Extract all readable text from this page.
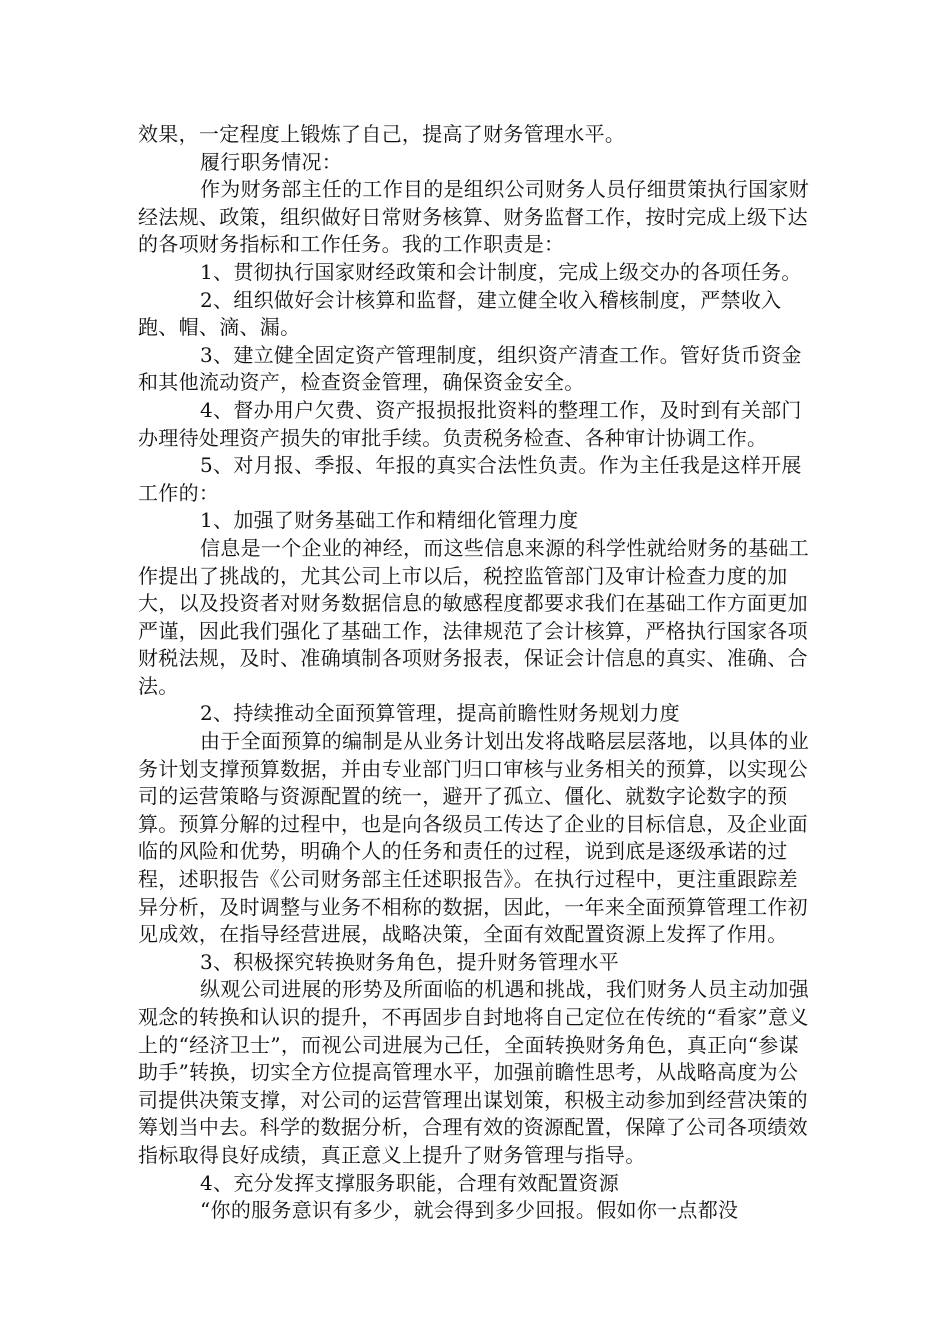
效果，一定程度上锻炼了自己，提高了财务管理水平。

履行职务情况：

作为财务部主任的工作目的是组织公司财务人员仔细贯策执行国家财经法规、政策，组织做好日常财务核算、财务监督工作，按时完成上级下达的各项财务指标和工作任务。我的工作职责是：

1、贯彻执行国家财经政策和会计制度，完成上级交办的各项任务。

2、组织做好会计核算和监督，建立健全收入稽核制度，严禁收入跑、帽、滴、漏。

3、建立健全固定资产管理制度，组织资产清查工作。管好货币资金和其他流动资产，检查资金管理，确保资金安全。

4、督办用户欠费、资产报损报批资料的整理工作，及时到有关部门办理待处理资产损失的审批手续。负责税务检查、各种审计协调工作。

5、对月报、季报、年报的真实合法性负责。作为主任我是这样开展工作的：

1、加强了财务基础工作和精细化管理力度

信息是一个企业的神经，而这些信息来源的科学性就给财务的基础工作提出了挑战的，尤其公司上市以后，税控监管部门及审计检查力度的加大，以及投资者对财务数据信息的敏感程度都要求我们在基础工作方面更加严谨，因此我们强化了基础工作，法律规范了会计核算，严格执行国家各项财税法规，及时、准确填制各项财务报表，保证会计信息的真实、准确、合法。

2、持续推动全面预算管理，提高前瞻性财务规划力度

由于全面预算的编制是从业务计划出发将战略层层落地，以具体的业务计划支撑预算数据，并由专业部门归口审核与业务相关的预算，以实现公司的运营策略与资源配置的统一，避开了孤立、僵化、就数字论数字的预算。预算分解的过程中，也是向各级员工传达了企业的目标信息，及企业面临的风险和优势，明确个人的任务和责任的过程，说到底是逐级承诺的过程，述职报告《公司财务部主任述职报告》。在执行过程中，更注重跟踪差异分析，及时调整与业务不相称的数据，因此，一年来全面预算管理工作初见成效，在指导经营进展，战略决策，全面有效配置资源上发挥了作用。

3、积极探究转换财务角色，提升财务管理水平

纵观公司进展的形势及所面临的机遇和挑战，我们财务人员主动加强观念的转换和认识的提升，不再固步自封地将自己定位在传统的“看家”意义上的“经济卫士”，而视公司进展为己任，全面转换财务角色，真正向“参谋助手”转换，切实全方位提高管理水平，加强前瞻性思考，从战略高度为公司提供决策支撑，对公司的运营管理出谋划策，积极主动参加到经营决策的筹划当中去。科学的数据分析，合理有效的资源配置，保障了公司各项绩效指标取得良好成绩，真正意义上提升了财务管理与指导。

4、充分发挥支撑服务职能，合理有效配置资源

“你的服务意识有多少，就会得到多少回报。假如你一点都没
